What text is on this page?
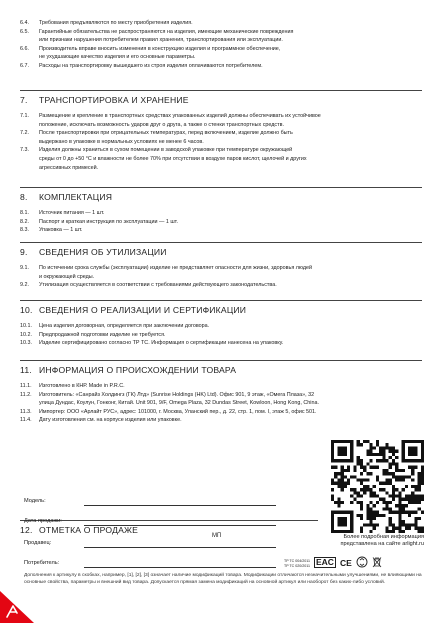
6.4.	Требования предъявляются по месту приобретения изделия.
6.5.	Гарантийные обязательства не распространяются на изделия, имеющие механические повреждения
или признаки нарушения потребителем правил хранения, транспортирования или эксплуатации.
6.6.	Производитель вправе вносить изменения в конструкцию изделия и программное обеспечение,
не ухудшающие качество изделия и его основные параметры.
6.7.	Расходы на транспортировку вышедшего из строя изделия оплачиваются потребителем.
7. ТРАНСПОРТИРОВКА И ХРАНЕНИЕ
7.1.	Размещение и крепление в транспортных средствах упакованных изделий должны обеспечивать их устойчивое
положение, исключать возможность ударов друг о друга, а также о стенки транспортных средств.
7.2.	После транспортировки при отрицательных температурах, перед включением, изделие должно быть
выдержано в упаковке в нормальных условиях не менее 6 часов.
7.3.	Изделия должны храниться в сухом помещении в заводской упаковке при температуре окружающей
среды от 0 до +50 °C и влажности не более 70% при отсутствии в воздухе паров кислот, щелочей и других
агрессивных примесей.
8. КОМПЛЕКТАЦИЯ
8.1.	Источник питания — 1 шт.
8.2.	Паспорт и краткая инструкция по эксплуатации — 1 шт.
8.3.	Упаковка — 1 шт.
9. СВЕДЕНИЯ ОБ УТИЛИЗАЦИИ
9.1.	По истечении срока службы (эксплуатации) изделие не представляет опасности для жизни, здоровья людей
и окружающей среды.
9.2.	Утилизация осуществляется в соответствии с требованиями действующего законодательства.
10. СВЕДЕНИЯ О РЕАЛИЗАЦИИ И СЕРТИФИКАЦИИ
10.1.	Цена изделия договорная, определяется при заключении договора.
10.2.	Предпродажной подготовки изделие не требуется.
10.3.	Изделие сертифицировано согласно ТР ТС. Информация о сертификации нанесена на упаковку.
11. ИНФОРМАЦИЯ О ПРОИСХОЖДЕНИИ ТОВАРА
11.1.	Изготовлено в КНР. Made in P.R.C.
11.2.	Изготовитель: «Санрайз Холдингз (ГК) Лтд» (Sunrise Holdings (HK) Ltd). Офис 901, 9 этаж, «Омега Плаза», 32
улица Дундас, Коулун, Гонконг, Китай. Unit 901, 9/F, Omega Plaza, 32 Dundas Street, Kowloon, Hong Kong, China.
11.3.	Импортер: ООО «Арлайт РУС», адрес: 101000, г. Москва, Уланский пер., д. 22, стр. 1, пом. I, этаж 5, офис 501.
11.4.	Дату изготовления см. на корпусе изделия или упаковке.
12. ОТМЕТКА О ПРОДАЖЕ
Модель:
Дата продажи:
Продавец:
МП
Потребитель:
Более подробная информация
представлена на сайте arlight.ru
TP TC 004/2011
TP TC 020/2011 EAC CE
Дополнения к артикулу в скобках, например, [1], [2], [3] означает наличие модификаций товара. Модификации отличаются незначительными улучшениями, не влияющими на основные свойства, параметры и внешний вид товара. Допускается прямая замена модификаций на основной артикул или наоборот без каких-либо условий.
